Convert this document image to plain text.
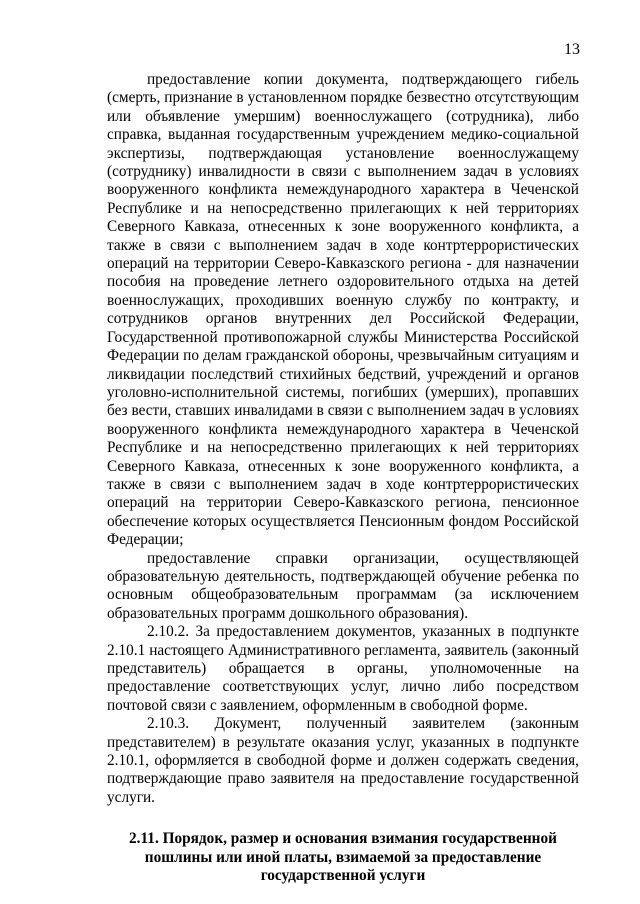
13

предоставление копии документа, подтверждающего гибель (смерть, признание в установленном порядке безвестно отсутствующим или объявление умершим) военнослужащего (сотрудника), либо справка, выданная государственным учреждением медико-социальной экспертизы, подтверждающая установление военнослужащему (сотруднику) инвалидности в связи с выполнением задач в условиях вооруженного конфликта немеждународного характера в Чеченской Республике и на непосредственно прилегающих к ней территориях Северного Кавказа, отнесенных к зоне вооруженного конфликта, а также в связи с выполнением задач в ходе контртеррористических операций на территории Северо-Кавказского региона - для назначении пособия на проведение летнего оздоровительного отдыха на детей военнослужащих, проходивших военную службу по контракту, и сотрудников органов внутренних дел Российской Федерации, Государственной противопожарной службы Министерства Российской Федерации по делам гражданской обороны, чрезвычайным ситуациям и ликвидации последствий стихийных бедствий, учреждений и органов уголовно-исполнительной системы, погибших (умерших), пропавших без вести, ставших инвалидами в связи с выполнением задач в условиях вооруженного конфликта немеждународного характера в Чеченской Республике и на непосредственно прилегающих к ней территориях Северного Кавказа, отнесенных к зоне вооруженного конфликта, а также в связи с выполнением задач в ходе контртеррористических операций на территории Северо-Кавказского региона, пенсионное обеспечение которых осуществляется Пенсионным фондом Российской Федерации;

предоставление справки организации, осуществляющей образовательную деятельность, подтверждающей обучение ребенка по основным общеобразовательным программам (за исключением образовательных программ дошкольного образования).

2.10.2. За предоставлением документов, указанных в подпункте 2.10.1 настоящего Административного регламента, заявитель (законный представитель) обращается в органы, уполномоченные на предоставление соответствующих услуг, лично либо посредством почтовой связи с заявлением, оформленным в свободной форме.

2.10.3. Документ, полученный заявителем (законным представителем) в результате оказания услуг, указанных в подпункте 2.10.1, оформляется в свободной форме и должен содержать сведения, подтверждающие право заявителя на предоставление государственной услуги.

2.11. Порядок, размер и основания взимания государственной пошлины или иной платы, взимаемой за предоставление государственной услуги
